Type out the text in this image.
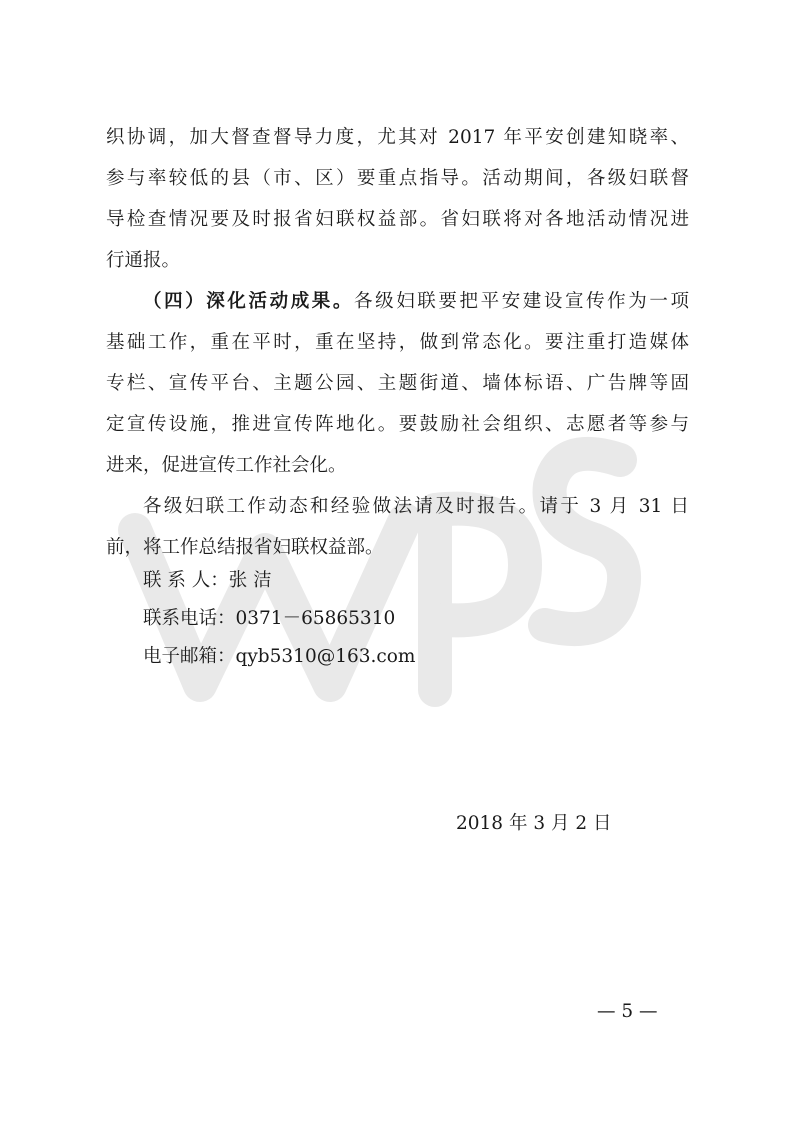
织协调，加大督查督导力度，尤其对 2017 年平安创建知晓率、
参与率较低的县（市、区）要重点指导。活动期间，各级妇联督
导检查情况要及时报省妇联权益部。省妇联将对各地活动情况进
行通报。
（四）深化活动成果。各级妇联要把平安建设宣传作为一项
基础工作，重在平时，重在坚持，做到常态化。要注重打造媒体
专栏、宣传平台、主题公园、主题街道、墙体标语、广告牌等固
定宣传设施，推进宣传阵地化。要鼓励社会组织、志愿者等参与
进来，促进宣传工作社会化。
各级妇联工作动态和经验做法请及时报告。请于 3 月 31 日
前，将工作总结报省妇联权益部。
联 系 人：张 洁
联系电话：0371－65865310
电子邮箱：qyb5310@163.com
2018 年 3 月 2 日
— 5 —
